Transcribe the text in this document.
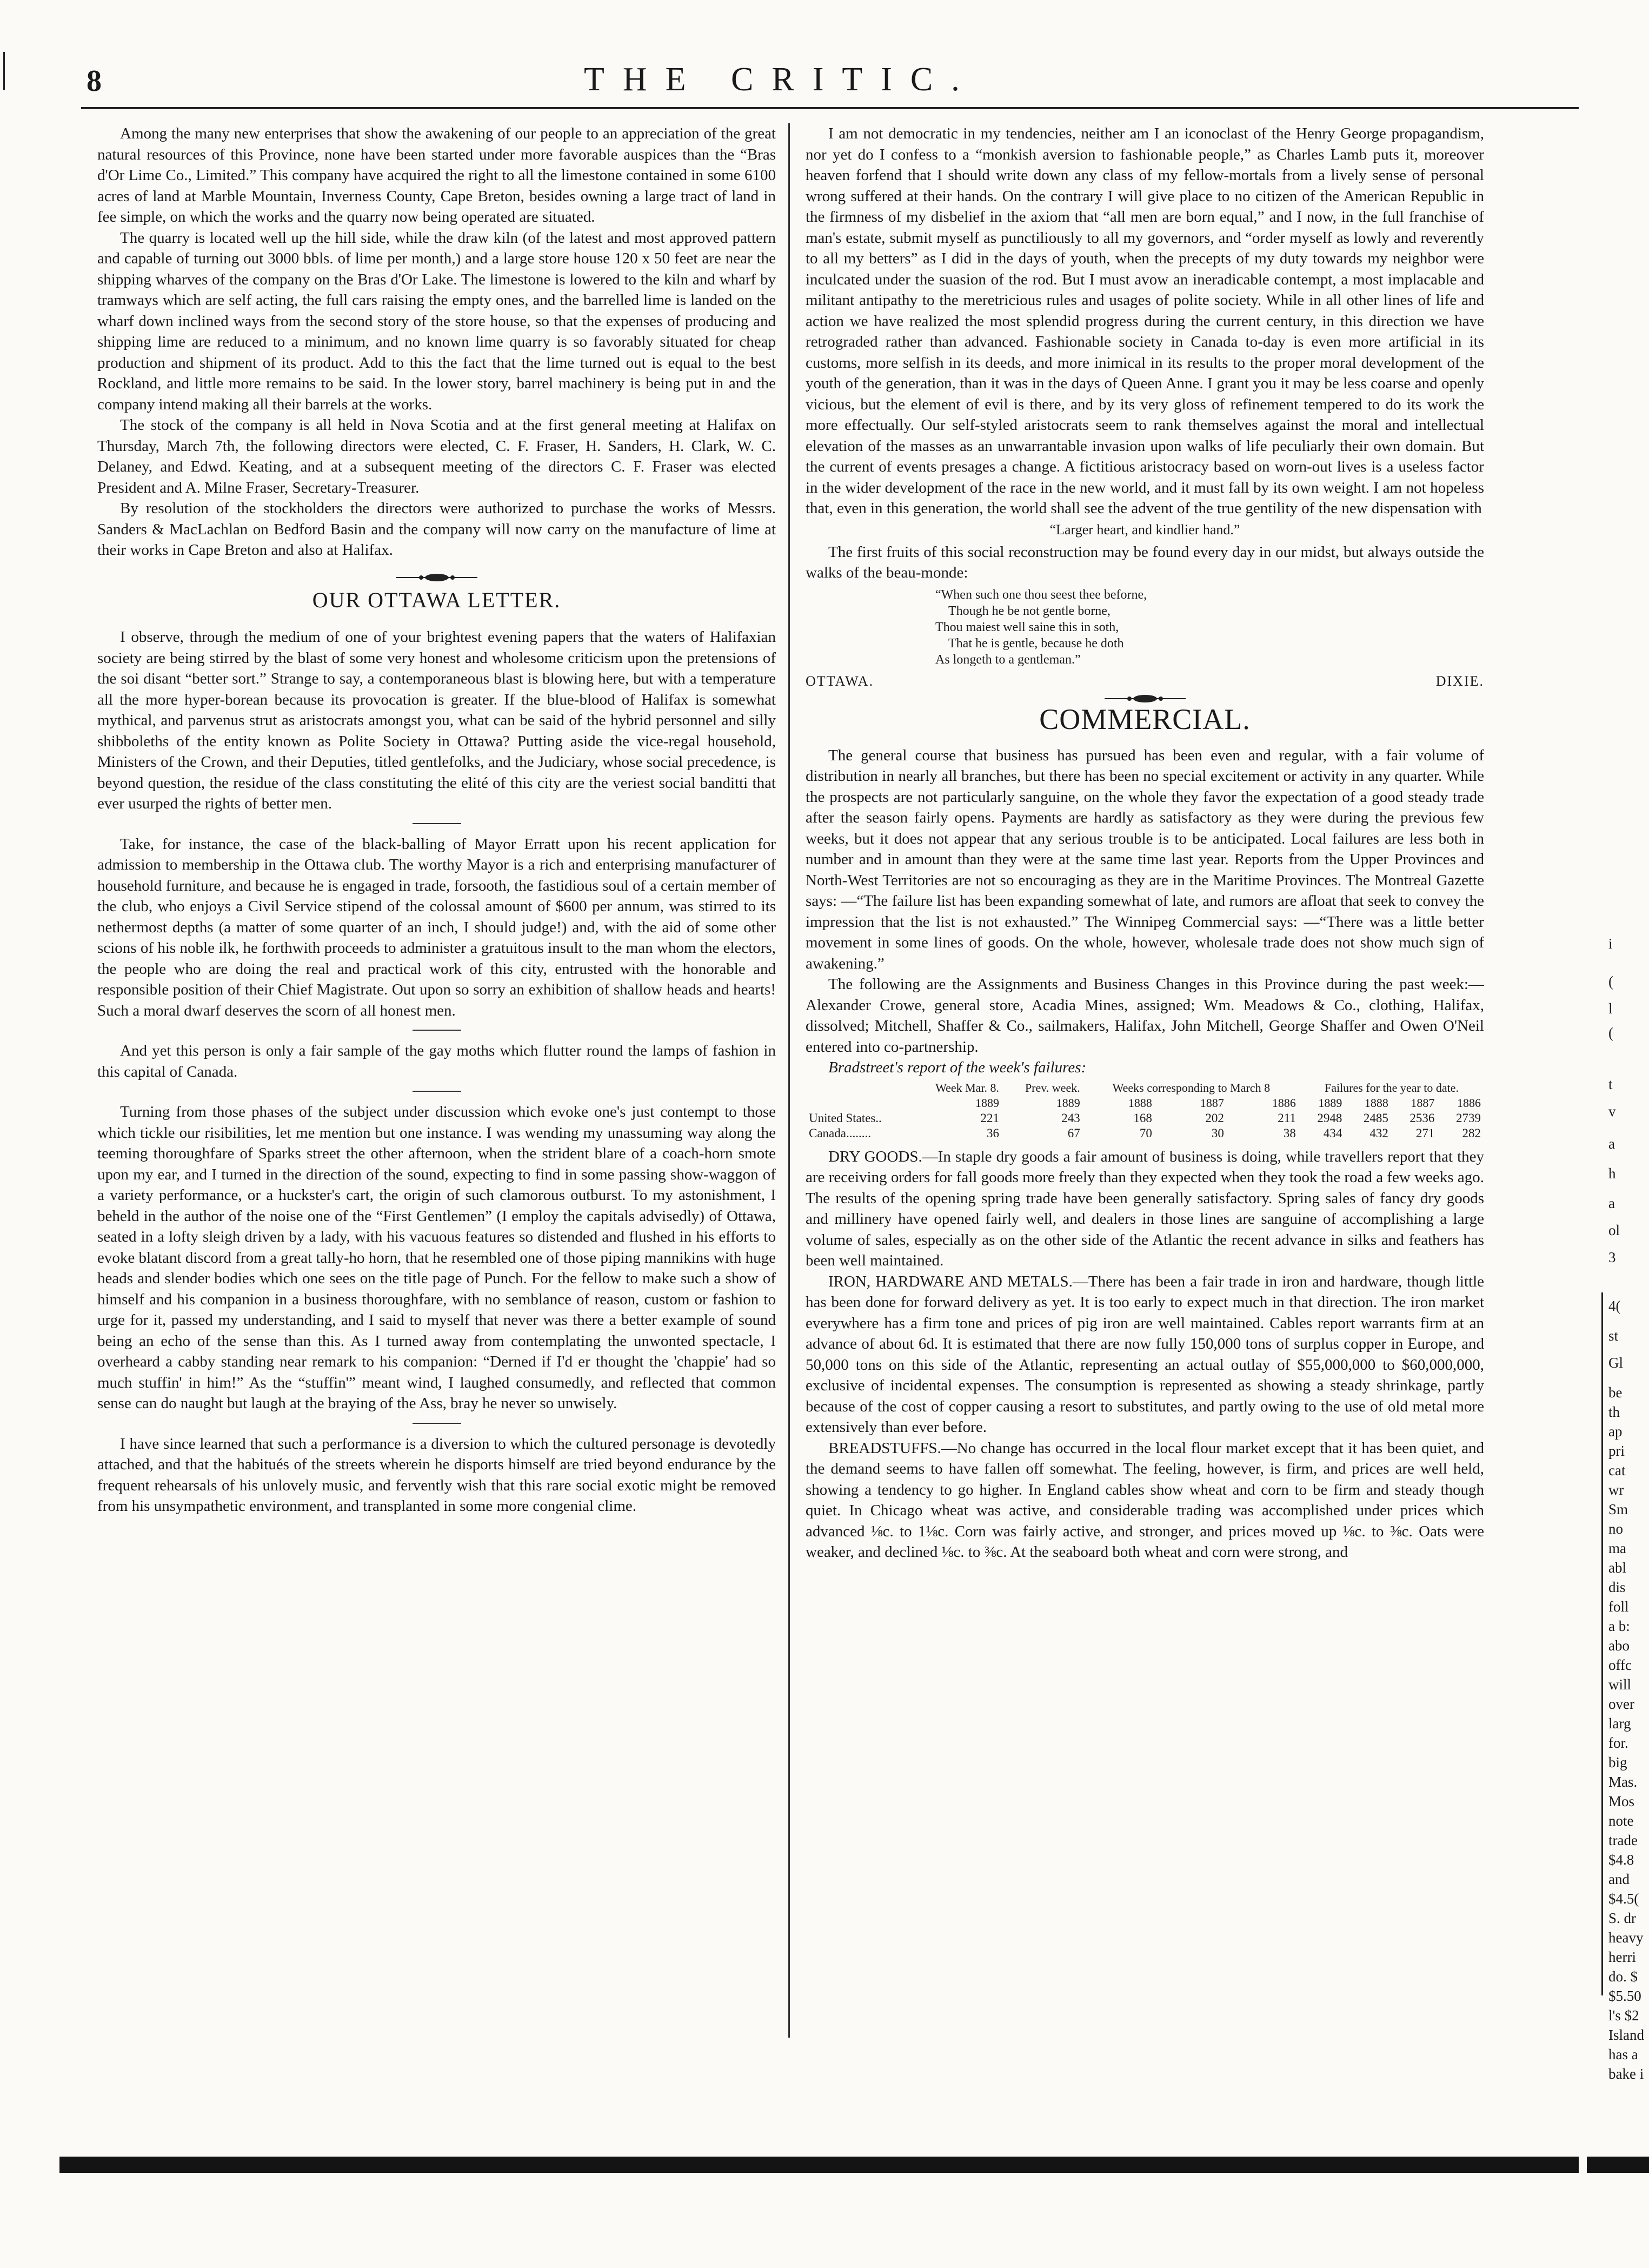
8	THE CRITIC.

Among the many new enterprises that show the awakening of our people to an appreciation of the great natural resources of this Province, none have been started under more favorable auspices than the “Bras d'Or Lime Co., Limited.” This company have acquired the right to all the limestone contained in some 6100 acres of land at Marble Mountain, Inverness County, Cape Breton, besides owning a large tract of land in fee simple, on which the works and the quarry now being operated are situated.

The quarry is located well up the hill side, while the draw kiln (of the latest and most approved pattern and capable of turning out 3000 bbls. of lime per month,) and a large store house 120 x 50 feet are near the shipping wharves of the company on the Bras d'Or Lake. The limestone is lowered to the kiln and wharf by tramways which are self acting, the full cars raising the empty ones, and the barrelled lime is landed on the wharf down inclined ways from the second story of the store house, so that the expenses of producing and shipping lime are reduced to a minimum, and no known lime quarry is so favorably situated for cheap production and shipment of its product. Add to this the fact that the lime turned out is equal to the best Rockland, and little more remains to be said. In the lower story, barrel machinery is being put in and the company intend making all their barrels at the works.

The stock of the company is all held in Nova Scotia and at the first general meeting at Halifax on Thursday, March 7th, the following directors were elected, C. F. Fraser, H. Sanders, H. Clark, W. C. Delaney, and Edwd. Keating, and at a subsequent meeting of the directors C. F. Fraser was elected President and A. Milne Fraser, Secretary-Treasurer.

By resolution of the stockholders the directors were authorized to purchase the works of Messrs. Sanders & MacLachlan on Bedford Basin and the company will now carry on the manufacture of lime at their works in Cape Breton and also at Halifax.

OUR OTTAWA LETTER.

I observe, through the medium of one of your brightest evening papers that the waters of Halifaxian society are being stirred by the blast of some very honest and wholesome criticism upon the pretensions of the soi disant “better sort.” Strange to say, a contemporaneous blast is blowing here, but with a temperature all the more hyper-borean because its provocation is greater. If the blue-blood of Halifax is somewhat mythical, and parvenus strut as aristocrats amongst you, what can be said of the hybrid personnel and silly shibboleths of the entity known as Polite Society in Ottawa? Putting aside the vice-regal household, Ministers of the Crown, and their Deputies, titled gentlefolks, and the Judiciary, whose social precedence, is beyond question, the residue of the class constituting the elité of this city are the veriest social banditti that ever usurped the rights of better men.

Take, for instance, the case of the black-balling of Mayor Erratt upon his recent application for admission to membership in the Ottawa club. The worthy Mayor is a rich and enterprising manufacturer of household furniture, and because he is engaged in trade, forsooth, the fastidious soul of a certain member of the club, who enjoys a Civil Service stipend of the colossal amount of $600 per annum, was stirred to its nethermost depths (a matter of some quarter of an inch, I should judge!) and, with the aid of some other scions of his noble ilk, he forthwith proceeds to administer a gratuitous insult to the man whom the electors, the people who are doing the real and practical work of this city, entrusted with the honorable and responsible position of their Chief Magistrate. Out upon so sorry an exhibition of shallow heads and hearts! Such a moral dwarf deserves the scorn of all honest men.

And yet this person is only a fair sample of the gay moths which flutter round the lamps of fashion in this capital of Canada.

Turning from those phases of the subject under discussion which evoke one's just contempt to those which tickle our risibilities, let me mention but one instance. I was wending my unassuming way along the teeming thoroughfare of Sparks street the other afternoon, when the strident blare of a coach-horn smote upon my ear, and I turned in the direction of the sound, expecting to find in some passing show-waggon of a variety performance, or a huckster's cart, the origin of such clamorous outburst. To my astonishment, I beheld in the author of the noise one of the “First Gentlemen” (I employ the capitals advisedly) of Ottawa, seated in a lofty sleigh driven by a lady, with his vacuous features so distended and flushed in his efforts to evoke blatant discord from a great tally-ho horn, that he resembled one of those piping mannikins with huge heads and slender bodies which one sees on the title page of Punch. For the fellow to make such a show of himself and his companion in a business thoroughfare, with no semblance of reason, custom or fashion to urge for it, passed my understanding, and I said to myself that never was there a better example of sound being an echo of the sense than this. As I turned away from contemplating the unwonted spectacle, I overheard a cabby standing near remark to his companion: “Derned if I'd er thought the 'chappie' had so much stuffin' in him!” As the “stuffin'” meant wind, I laughed consumedly, and reflected that common sense can do naught but laugh at the braying of the Ass, bray he never so unwisely.

I have since learned that such a performance is a diversion to which the cultured personage is devotedly attached, and that the habitués of the streets wherein he disports himself are tried beyond endurance by the frequent rehearsals of his unlovely music, and fervently wish that this rare social exotic might be removed from his unsympathetic environment, and transplanted in some more congenial clime.

I am not democratic in my tendencies, neither am I an iconoclast of the Henry George propagandism, nor yet do I confess to a “monkish aversion to fashionable people,” as Charles Lamb puts it, moreover heaven forfend that I should write down any class of my fellow-mortals from a lively sense of personal wrong suffered at their hands. On the contrary I will give place to no citizen of the American Republic in the firmness of my disbelief in the axiom that “all men are born equal,” and I now, in the full franchise of man's estate, submit myself as punctiliously to all my governors, and “order myself as lowly and reverently to all my betters” as I did in the days of youth, when the precepts of my duty towards my neighbor were inculcated under the suasion of the rod. But I must avow an ineradicable contempt, a most implacable and militant antipathy to the meretricious rules and usages of polite society. While in all other lines of life and action we have realized the most splendid progress during the current century, in this direction we have retrograded rather than advanced. Fashionable society in Canada to-day is even more artificial in its customs, more selfish in its deeds, and more inimical in its results to the proper moral development of the youth of the generation, than it was in the days of Queen Anne. I grant you it may be less coarse and openly vicious, but the element of evil is there, and by its very gloss of refinement tempered to do its work the more effectually. Our self-styled aristocrats seem to rank themselves against the moral and intellectual elevation of the masses as an unwarrantable invasion upon walks of life peculiarly their own domain. But the current of events presages a change. A fictitious aristocracy based on worn-out lives is a useless factor in the wider development of the race in the new world, and it must fall by its own weight. I am not hopeless that, even in this generation, the world shall see the advent of the true gentility of the new dispensation with

“Larger heart, and kindlier hand.”

The first fruits of this social reconstruction may be found every day in our midst, but always outside the walks of the beau-monde:

“When such one thou seest thee beforne,
Though he be not gentle borne,
Thou maiest well saine this in soth,
That he is gentle, because he doth
As longeth to a gentleman.”
OTTAWA.	DIXIE.
COMMERCIAL.

The general course that business has pursued has been even and regular, with a fair volume of distribution in nearly all branches, but there has been no special excitement or activity in any quarter. While the prospects are not particularly sanguine, on the whole they favor the expectation of a good steady trade after the season fairly opens. Payments are hardly as satisfactory as they were during the previous few weeks, but it does not appear that any serious trouble is to be anticipated. Local failures are less both in number and in amount than they were at the same time last year. Reports from the Upper Provinces and North-West Territories are not so encouraging as they are in the Maritime Provinces. The Montreal Gazette says: —“The failure list has been expanding somewhat of late, and rumors are afloat that seek to convey the impression that the list is not exhausted.” The Winnipeg Commercial says: —“There was a little better movement in some lines of goods. On the whole, however, wholesale trade does not show much sign of awakening.”

The following are the Assignments and Business Changes in this Province during the past week:—Alexander Crowe, general store, Acadia Mines, assigned; Wm. Meadows & Co., clothing, Halifax, dissolved; Mitchell, Shaffer & Co., sailmakers, Halifax, John Mitchell, George Shaffer and Owen O'Neil entered into co-partnership.

Bradstreet's report of the week's failures:

	Week Mar. 8.	Prev. week.	Weeks corresponding to March 8			Failures for the year to date.			
	1889	1889	1888	1887	1886	1889	1888	1887	1886
United States..	221	243	168	202	211	2948	2485	2536	2739
Canada........	36	67	70	30	38	434	432	271	282

DRY GOODS.—In staple dry goods a fair amount of business is doing, while travellers report that they are receiving orders for fall goods more freely than they expected when they took the road a few weeks ago. The results of the opening spring trade have been generally satisfactory. Spring sales of fancy dry goods and millinery have opened fairly well, and dealers in those lines are sanguine of accomplishing a large volume of sales, especially as on the other side of the Atlantic the recent advance in silks and feathers has been well maintained.

IRON, HARDWARE AND METALS.—There has been a fair trade in iron and hardware, though little has been done for forward delivery as yet. It is too early to expect much in that direction. The iron market everywhere has a firm tone and prices of pig iron are well maintained. Cables report warrants firm at an advance of about 6d. It is estimated that there are now fully 150,000 tons of surplus copper in Europe, and 50,000 tons on this side of the Atlantic, representing an actual outlay of $55,000,000 to $60,000,000, exclusive of incidental expenses. The consumption is represented as showing a steady shrinkage, partly because of the cost of copper causing a resort to substitutes, and partly owing to the use of old metal more extensively than ever before.

BREADSTUFFS.—No change has occurred in the local flour market except that it has been quiet, and the demand seems to have fallen off somewhat. The feeling, however, is firm, and prices are well held, showing a tendency to go higher. In England cables show wheat and corn to be firm and steady though quiet. In Chicago wheat was active, and considerable trading was accomplished under prices which advanced ⅛c. to 1⅛c. Corn was fairly active, and stronger, and prices moved up ⅛c. to ⅜c. Oats were weaker, and declined ⅛c. to ⅜c. At the seaboard both wheat and corn were strong, and

i
(
l
(
t
v
a
h
a
ol
3
4(
st
Gl
be
th
ap
pri
cat
wr
Sm
no
ma
abl
dis
foll
a b:
abo
offc
will
over
larg
for.
big
Mas.
Mos
note
trade
$4.8
and
$4.5(
S. dr
heavy
herri
do. $
$5.50
l's $2
Island
has a
bake i
